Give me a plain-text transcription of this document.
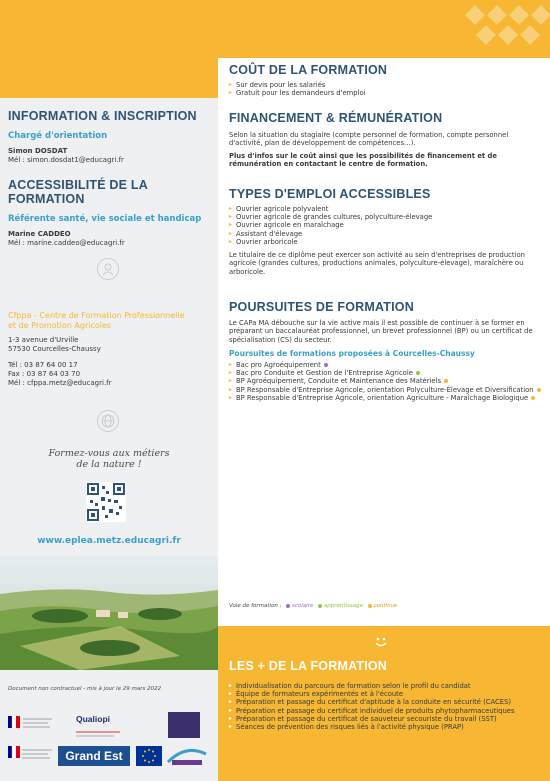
INFORMATION & INSCRIPTION
Chargé d'orientation
Simon DOSDAT
Mél : simon.dosdat1@educagri.fr
ACCESSIBILITÉ DE LA FORMATION
Référente santé, vie sociale et handicap
Marine CADDEO
Mél : marine.caddeo@educagri.fr
Cfppa - Centre de Formation Professionnelle
et de Promotion Agricoles
1-3 avenue d'Urville
57530 Courcelles-Chaussy
Tél : 03 87 64 00 17
Fax : 03 87 64 03 70
Mél : cfppa.metz@educagri.fr
Formez-vous aux métiers
de la nature !
www.eplea.metz.educagri.fr
Document non contractuel - mis à jour le 29 mars 2022
Qualiopi
Grand Est
COÛT DE LA FORMATION
▸ Sur devis pour les salariés
▸ Gratuit pour les demandeurs d'emploi
FINANCEMENT & RÉMUNÉRATION
Selon la situation du stagiaire (compte personnel de formation, compte personnel d'activité, plan de développement de compétences…).
Plus d'infos sur le coût ainsi que les possibilités de financement et de rémunération en contactant le centre de formation.
TYPES D'EMPLOI ACCESSIBLES
▸ Ouvrier agricole polyvalent
▸ Ouvrier agricole de grandes cultures, polyculture-élevage
▸ Ouvrier agricole en maraîchage
▸ Assistant d'élevage
▸ Ouvrier arboricole
Le titulaire de ce diplôme peut exercer son activité au sein d'entreprises de production agricole (grandes cultures, productions animales, polyculture-élevage), maraîchère ou arboricole.
POURSUITES DE FORMATION
Le CAPa MA débouche sur la vie active mais il est possible de continuer à se former en préparant un baccalauréat professionnel, un brevet professionnel (BP) ou un certificat de spécialisation (CS) du secteur.
Poursuites de formations proposées à Courcelles-Chaussy
▸ Bac pro Agroéquipement
▸ Bac pro Conduite et Gestion de l'Entreprise Agricole
▸ BP Agroéquipement, Conduite et Maintenance des Matériels
▸ BP Responsable d'Entreprise Agricole, orientation Polyculture-Élevage et Diversification
▸ BP Responsable d'Entreprise Agricole, orientation Agriculture - Maraîchage Biologique
Voie de formation : scolaire apprentissage continue
LES + DE LA FORMATION
▸ Individualisation du parcours de formation selon le profil du candidat
▸ Équipe de formateurs expérimentés et à l'écoute
▸ Préparation et passage du certificat d'aptitude à la conduite en sécurité (CACES)
▸ Préparation et passage du certificat individuel de produits phytopharmaceutiques
▸ Préparation et passage du certificat de sauveteur secouriste du travail (SST)
▸ Séances de prévention des risques liés à l'activité physique (PRAP)
